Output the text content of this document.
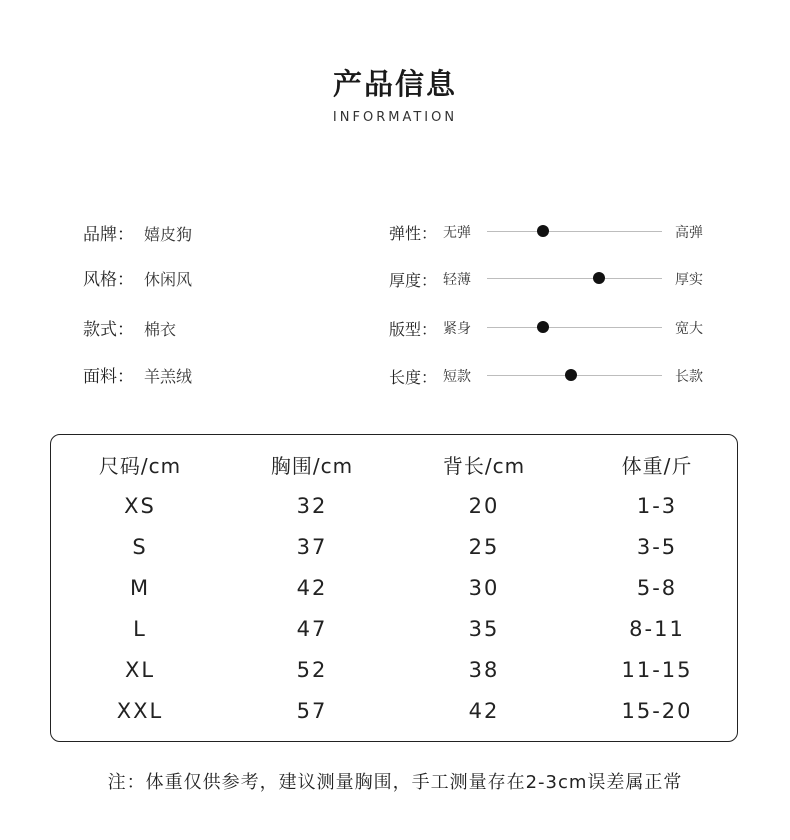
产品信息
INFORMATION
品牌： 嬉皮狗
风格： 休闲风
款式： 棉衣
面料： 羊羔绒
弹性： 无弹	高弹
厚度： 轻薄	厚实
版型： 紧身	宽大
长度： 短款	长款
尺码/cm	胸围/cm	背长/cm	体重/斤
XS	32	20	1-3
S	37	25	3-5
M	42	30	5-8
L	47	35	8-11
XL	52	38	11-15
XXL	57	42	15-20
注：体重仅供参考，建议测量胸围，手工测量存在2-3cm误差属正常
